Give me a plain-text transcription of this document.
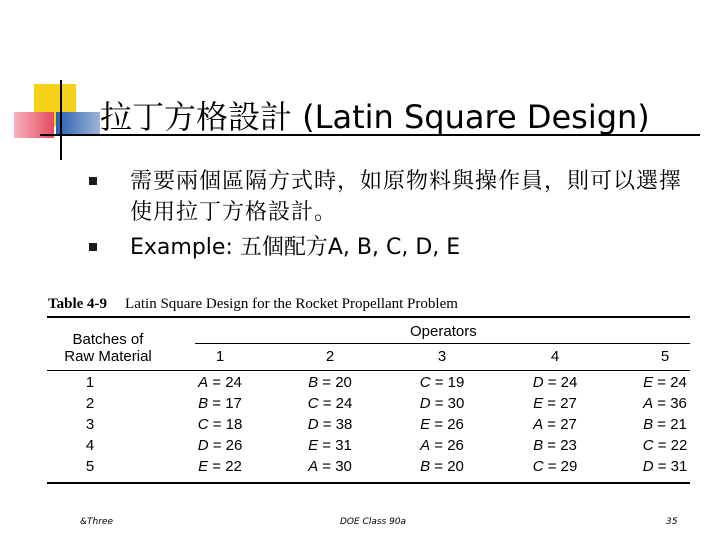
拉丁方格設計 (Latin Square Design)
需要兩個區隔方式時，如原物料與操作員，則可以選擇使用拉丁方格設計。
Example: 五個配方A, B, C, D, E
Table 4-9 Latin Square Design for the Rocket Propellant Problem
Batches of
Raw Material
Operators
1	2	3	4	5
1	A = 24	B = 20	C = 19	D = 24	E = 24
2	B = 17	C = 24	D = 30	E = 27	A = 36
3	C = 18	D = 38	E = 26	A = 27	B = 21
4	D = 26	E = 31	A = 26	B = 23	C = 22
5	E = 22	A = 30	B = 20	C = 29	D = 31
&Three	DOE Class 90a	35
